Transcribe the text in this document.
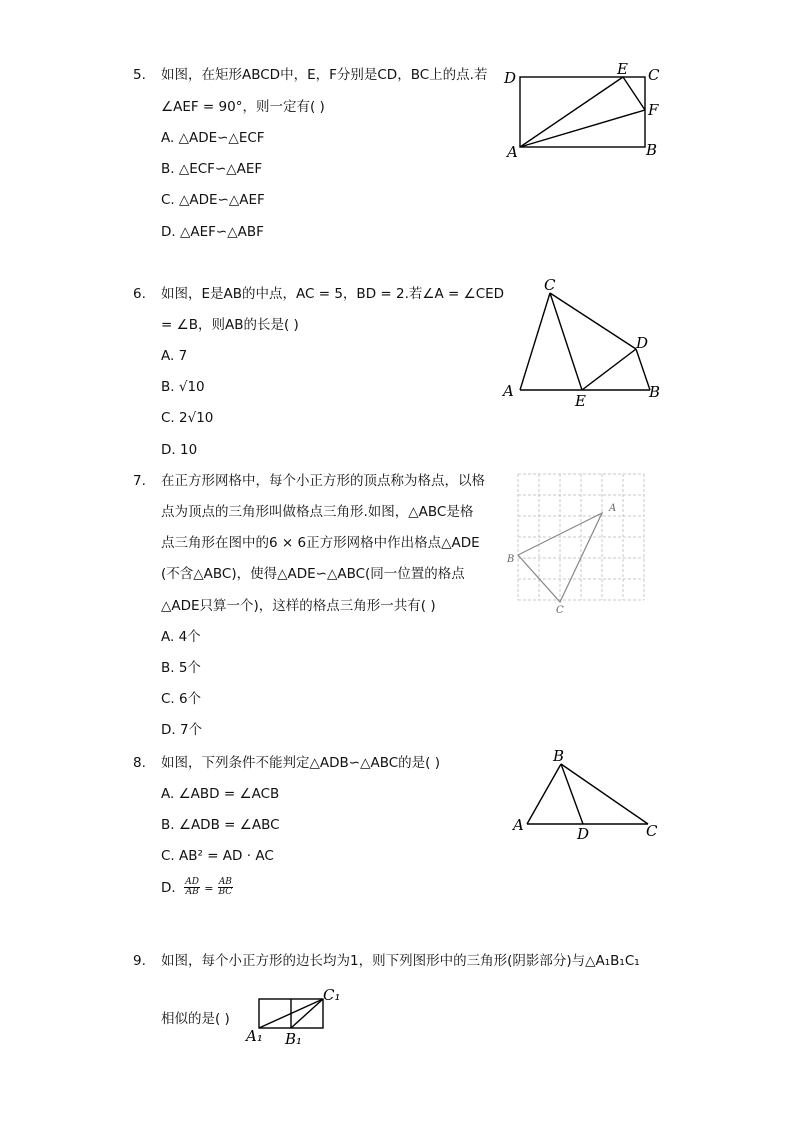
5. 如图，在矩形ABCD中，E，F分别是CD，BC上的点.若
∠AEF = 90°，则一定有( )
A. △ADE∽△ECF
B. △ECF∽△AEF
C. △ADE∽△AEF
D. △AEF∽△ABF
D	E C
F
A	B
6. 如图，E是AB的中点，AC = 5，BD = 2.若∠A = ∠CED
= ∠B，则AB的长是( )
A. 7
B. √10
C. 2√10
D. 10
C
D
A
E	B
7. 在正方形网格中，每个小正方形的顶点称为格点，以格
点为顶点的三角形叫做格点三角形.如图，△ABC是格
点三角形在图中的6 × 6正方形网格中作出格点△ADE
(不含△ABC)，使得△ADE∽△ABC(同一位置的格点
△ADE只算一个)，这样的格点三角形一共有( )
A. 4个
B. 5个
C. 6个
D. 7个
A
B
C
8. 如图，下列条件不能判定△ADB∽△ABC的是( )
A. ∠ABD = ∠ACB
B. ∠ADB = ∠ABC
C. AB² = AD · AC
D. $\frac{AD}{AB} = \frac{AB}{BC}$
B
A	D	C
9. 如图，每个小正方形的边长均为1，则下列图形中的三角形(阴影部分)与△A₁B₁C₁
相似的是( )
C₁
A₁ B₁
